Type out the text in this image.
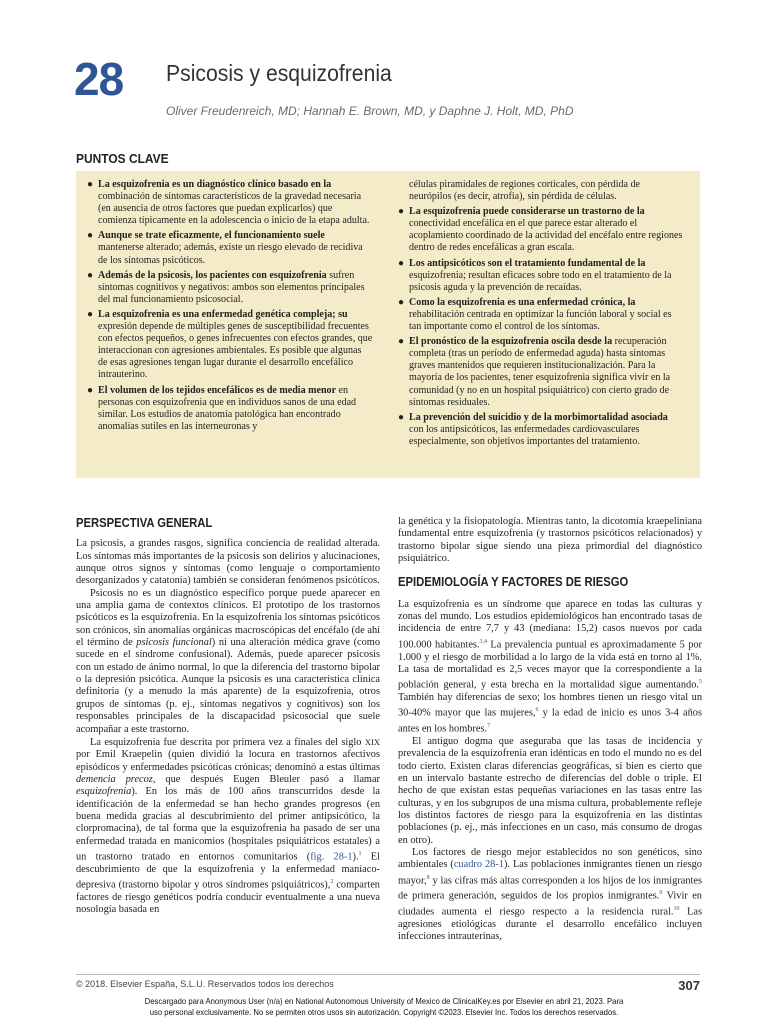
28 Psicosis y esquizofrenia
Oliver Freudenreich, MD; Hannah E. Brown, MD, y Daphne J. Holt, MD, PhD
PUNTOS CLAVE
● La esquizofrenia es un diagnóstico clínico basado en la combinación de síntomas característicos de la gravedad necesaria (en ausencia de otros factores que puedan explicarlos) que comienza típicamente en la adolescencia o inicio de la etapa adulta.
● Aunque se trate eficazmente, el funcionamiento suele mantenerse alterado; además, existe un riesgo elevado de recidiva de los síntomas psicóticos.
● Además de la psicosis, los pacientes con esquizofrenia sufren síntomas cognitivos y negativos: ambos son elementos principales del mal funcionamiento psicosocial.
● La esquizofrenia es una enfermedad genética compleja; su expresión depende de múltiples genes de susceptibilidad frecuentes con efectos pequeños, o genes infrecuentes con efectos grandes, que interaccionan con agresiones ambientales. Es posible que algunas de esas agresiones tengan lugar durante el desarrollo encefálico intrauterino.
● El volumen de los tejidos encefálicos es de media menor en personas con esquizofrenia que en individuos sanos de una edad similar. Los estudios de anatomía patológica han encontrado anomalías sutiles en las interneuronas y
células piramidales de regiones corticales, con pérdida de neurópilos (es decir, atrofia), sin pérdida de células.
● La esquizofrenia puede considerarse un trastorno de la conectividad encefálica en el que parece estar alterado el acoplamiento coordinado de la actividad del encéfalo entre regiones dentro de redes encefálicas a gran escala.
● Los antipsicóticos son el tratamiento fundamental de la esquizofrenia; resultan eficaces sobre todo en el tratamiento de la psicosis aguda y la prevención de recaídas.
● Como la esquizofrenia es una enfermedad crónica, la rehabilitación centrada en optimizar la función laboral y social es tan importante como el control de los síntomas.
● El pronóstico de la esquizofrenia oscila desde la recuperación completa (tras un período de enfermedad aguda) hasta síntomas graves mantenidos que requieren institucionalización. Para la mayoría de los pacientes, tener esquizofrenia significa vivir en la comunidad (y no en un hospital psiquiátrico) con cierto grado de síntomas residuales.
● La prevención del suicidio y de la morbimortalidad asociada con los antipsicóticos, las enfermedades cardiovasculares especialmente, son objetivos importantes del tratamiento.
PERSPECTIVA GENERAL

La psicosis, a grandes rasgos, significa conciencia de realidad alterada. Los síntomas más importantes de la psicosis son delirios y alucinaciones, aunque otros signos y síntomas (como lenguaje o comportamiento desorganizados y catatonía) también se consideran fenómenos psicóticos.

Psicosis no es un diagnóstico específico porque puede aparecer en una amplia gama de contextos clínicos. El prototipo de los trastornos psicóticos es la esquizofrenia. En la esquizofrenia los síntomas psicóticos son crónicos, sin anomalías orgánicas macroscópicas del encéfalo (de ahí el término de psicosis funcional) ni una alteración médica grave (como sucede en el síndrome confusional). Además, puede aparecer psicosis con un estado de ánimo normal, lo que la diferencia del trastorno bipolar o la depresión psicótica. Aunque la psicosis es una característica clínica definitoria (y a menudo la más aparente) de la esquizofrenia, otros grupos de síntomas (p. ej., síntomas negativos y cognitivos) son los responsables principales de la discapacidad psicosocial que suele acompañar a este trastorno.

La esquizofrenia fue descrita por primera vez a finales del siglo XIX por Emil Kraepelin (quien dividió la locura en trastornos afectivos episódicos y enfermedades psicóticas crónicas; denominó a estas últimas demencia precoz, que después Eugen Bleuler pasó a llamar esquizofrenia). En los más de 100 años transcurridos desde la identificación de la enfermedad se han hecho grandes progresos (en buena medida gracias al descubrimiento del primer antipsicótico, la clorpromacina), de tal forma que la esquizofrenia ha pasado de ser una enfermedad tratada en manicomios (hospitales psiquiátricos estatales) a un trastorno tratado en entornos comunitarios (fig. 28-1).$^1$ El descubrimiento de que la esquizofrenia y la enfermedad maníaco-depresiva (trastorno bipolar y otros síndromes psiquiátricos),$^2$ comparten factores de riesgo genéticos podría conducir eventualmente a una nueva nosología basada en

la genética y la fisiopatología. Mientras tanto, la dicotomía kraepeliniana fundamental entre esquizofrenia (y trastornos psicóticos relacionados) y trastorno bipolar sigue siendo una pieza primordial del diagnóstico psiquiátrico.

EPIDEMIOLOGÍA Y FACTORES DE RIESGO

La esquizofrenia es un síndrome que aparece en todas las culturas y zonas del mundo. Los estudios epidemiológicos han encontrado tasas de incidencia de entre 7,7 y 43 (mediana: 15,2) casos nuevos por cada 100.000 habitantes.$^{3,4}$ La prevalencia puntual es aproximadamente 5 por 1.000 y el riesgo de morbilidad a lo largo de la vida está en torno al 1%. La tasa de mortalidad es 2,5 veces mayor que la correspondiente a la población general, y esta brecha en la mortalidad sigue aumentando.$^5$ También hay diferencias de sexo; los hombres tienen un riesgo vital un 30-40% mayor que las mujeres,$^6$ y la edad de inicio es unos 3-4 años antes en los hombres.$^7$

El antiguo dogma que aseguraba que las tasas de incidencia y prevalencia de la esquizofrenia eran idénticas en todo el mundo no es del todo cierto. Existen claras diferencias geográficas, si bien es cierto que en un intervalo bastante estrecho de diferencias del doble o triple. El hecho de que existan estas pequeñas variaciones en las tasas entre las culturas, y en los subgrupos de una misma cultura, probablemente refleje los distintos factores de riesgo para la esquizofrenia en las distintas poblaciones (p. ej., más infecciones en un caso, más consumo de drogas en otro).

Los factores de riesgo mejor establecidos no son genéticos, sino ambientales (cuadro 28-1). Las poblaciones inmigrantes tienen un riesgo mayor,$^8$ y las cifras más altas corresponden a los hijos de los inmigrantes de primera generación, seguidos de los propios inmigrantes.$^9$ Vivir en ciudades aumenta el riesgo respecto a la residencia rural.$^{10}$ Las agresiones etiológicas durante el desarrollo encefálico incluyen infecciones intrauterinas,

© 2018. Elsevier España, S.L.U. Reservados todos los derechos	307
Descargado para Anonymous User (n/a) en National Autonomous University of Mexico de ClinicalKey.es por Elsevier en abril 21, 2023. Para
uso personal exclusivamente. No se permiten otros usos sin autorización. Copyright ©2023. Elsevier Inc. Todos los derechos reservados.
